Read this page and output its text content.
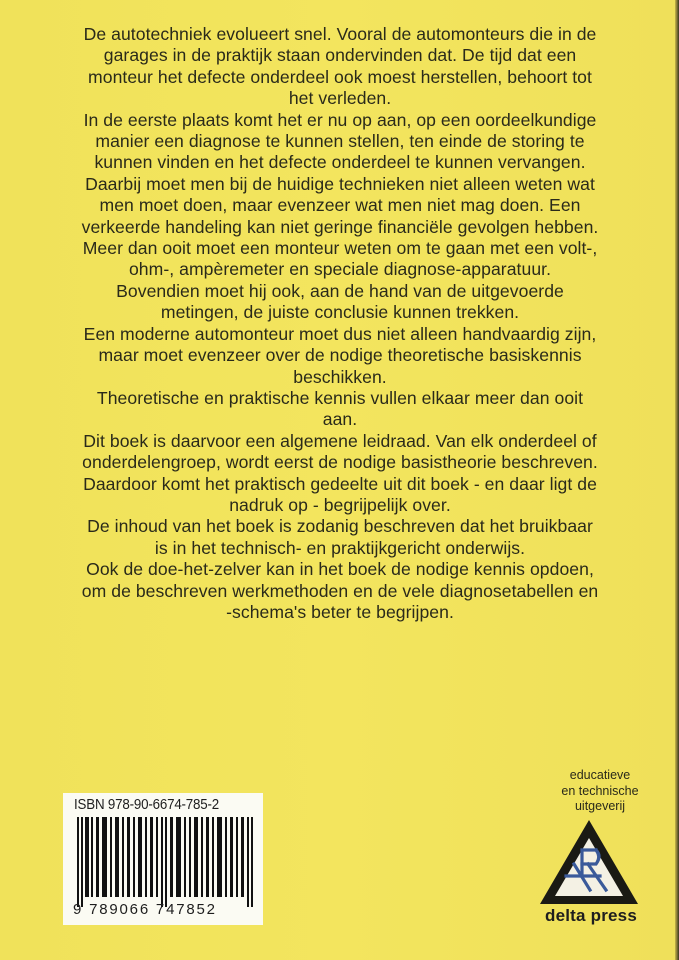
De autotechniek evolueert snel. Vooral de automonteurs die in de
garages in de praktijk staan ondervinden dat. De tijd dat een
monteur het defecte onderdeel ook moest herstellen, behoort tot
het verleden.
In de eerste plaats komt het er nu op aan, op een oordeelkundige
manier een diagnose te kunnen stellen, ten einde de storing te
kunnen vinden en het defecte onderdeel te kunnen vervangen.
Daarbij moet men bij de huidige technieken niet alleen weten wat
men moet doen, maar evenzeer wat men niet mag doen. Een
verkeerde handeling kan niet geringe financiële gevolgen hebben.
Meer dan ooit moet een monteur weten om te gaan met een volt-,
ohm-, ampèremeter en speciale diagnose-apparatuur.
Bovendien moet hij ook, aan de hand van de uitgevoerde
metingen, de juiste conclusie kunnen trekken.
Een moderne automonteur moet dus niet alleen handvaardig zijn,
maar moet evenzeer over de nodige theoretische basiskennis
beschikken.
Theoretische en praktische kennis vullen elkaar meer dan ooit
aan.
Dit boek is daarvoor een algemene leidraad. Van elk onderdeel of
onderdelengroep, wordt eerst de nodige basistheorie beschreven.
Daardoor komt het praktisch gedeelte uit dit boek - en daar ligt de
nadruk op - begrijpelijk over.
De inhoud van het boek is zodanig beschreven dat het bruikbaar
is in het technisch- en praktijkgericht onderwijs.
Ook de doe-het-zelver kan in het boek de nodige kennis opdoen,
om de beschreven werkmethoden en de vele diagnosetabellen en
-schema's beter te begrijpen.
ISBN 978-90-6674-785-2
9 789066 747852
educatieve
en technische
uitgeverij
delta press
